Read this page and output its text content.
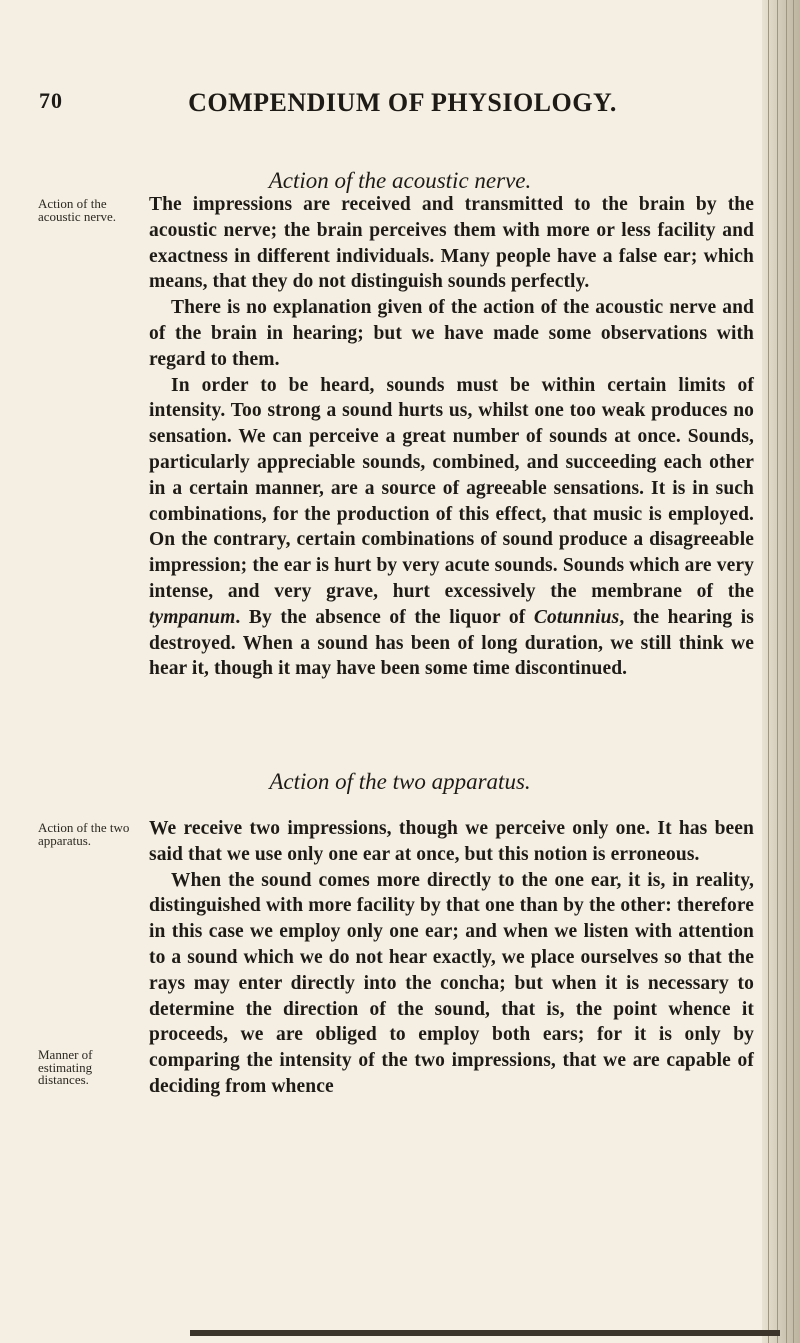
70	COMPENDIUM OF PHYSIOLOGY.
Action of the acoustic nerve.
Action of the acoustic nerve.

The impressions are received and transmitted to the brain by the acoustic nerve; the brain perceives them with more or less facility and exactness in different individuals. Many people have a false ear; which means, that they do not distinguish sounds perfectly.

There is no explanation given of the action of the acoustic nerve and of the brain in hearing; but we have made some observations with regard to them.

In order to be heard, sounds must be within certain limits of intensity. Too strong a sound hurts us, whilst one too weak produces no sensation. We can perceive a great number of sounds at once. Sounds, particularly appreciable sounds, combined, and succeeding each other in a certain manner, are a source of agreeable sensations. It is in such combinations, for the production of this effect, that music is employed. On the contrary, certain combinations of sound produce a disagreeable impression; the ear is hurt by very acute sounds. Sounds which are very intense, and very grave, hurt excessively the membrane of the tympanum. By the absence of the liquor of Cotunnius, the hearing is destroyed. When a sound has been of long duration, we still think we hear it, though it may have been some time discontinued.

Action of the two apparatus.
Action of the two apparatus.
Manner of estimating distances.

We receive two impressions, though we perceive only one. It has been said that we use only one ear at once, but this notion is erroneous.

When the sound comes more directly to the one ear, it is, in reality, distinguished with more facility by that one than by the other: therefore in this case we employ only one ear; and when we listen with attention to a sound which we do not hear exactly, we place ourselves so that the rays may enter directly into the concha; but when it is necessary to determine the direction of the sound, that is, the point whence it proceeds, we are obliged to employ both ears; for it is only by comparing the intensity of the two impressions, that we are capable of deciding from whence
